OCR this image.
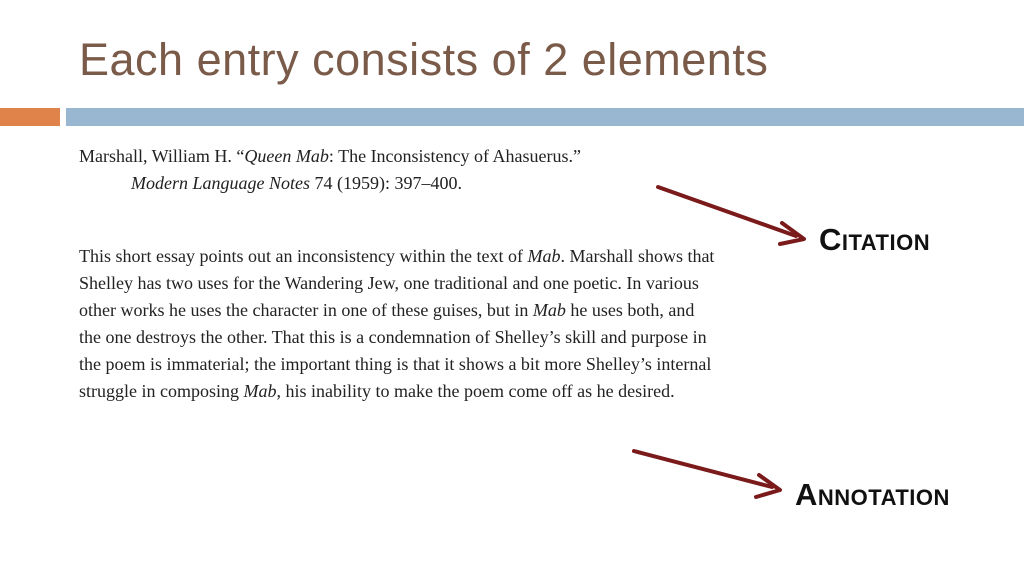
Each entry consists of 2 elements
Marshall, William H. “Queen Mab: The Inconsistency of Ahasuerus.”
Modern Language Notes 74 (1959): 397–400.

This short essay points out an inconsistency within the text of Mab. Marshall shows that Shelley has two uses for the Wandering Jew, one traditional and one poetic. In various other works he uses the character in one of these guises, but in Mab he uses both, and the one destroys the other. That this is a condemnation of Shelley’s skill and purpose in the poem is immaterial; the important thing is that it shows a bit more Shelley’s internal struggle in composing Mab, his inability to make the poem come off as he desired.

Citation
Annotation
